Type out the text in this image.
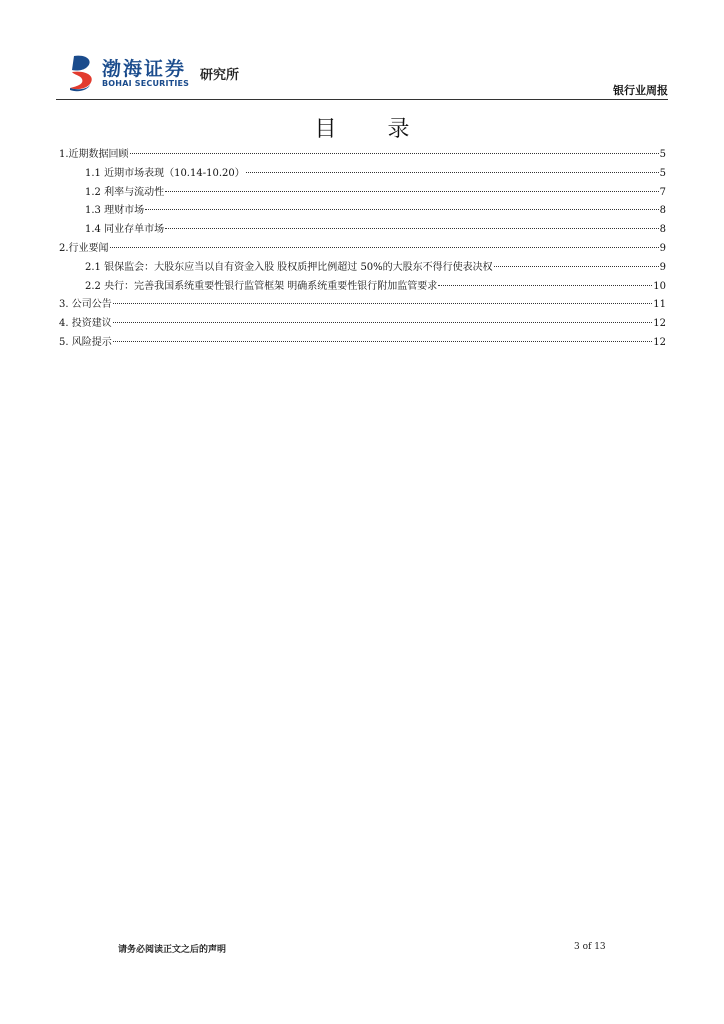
渤海证券
BOHAI SECURITIES
研究所
银行业周报
目 录
1.近期数据回顾	5
1.1 近期市场表现（10.14-10.20）	5
1.2 利率与流动性	7
1.3 理财市场	8
1.4 同业存单市场	8
2.行业要闻	9
2.1 银保监会：大股东应当以自有资金入股 股权质押比例超过 50%的大股东不得行使表决权	9
2.2 央行：完善我国系统重要性银行监管框架 明确系统重要性银行附加监管要求	10
3. 公司公告	11
4. 投资建议	12
5. 风险提示	12
请务必阅读正文之后的声明	3 of 13
